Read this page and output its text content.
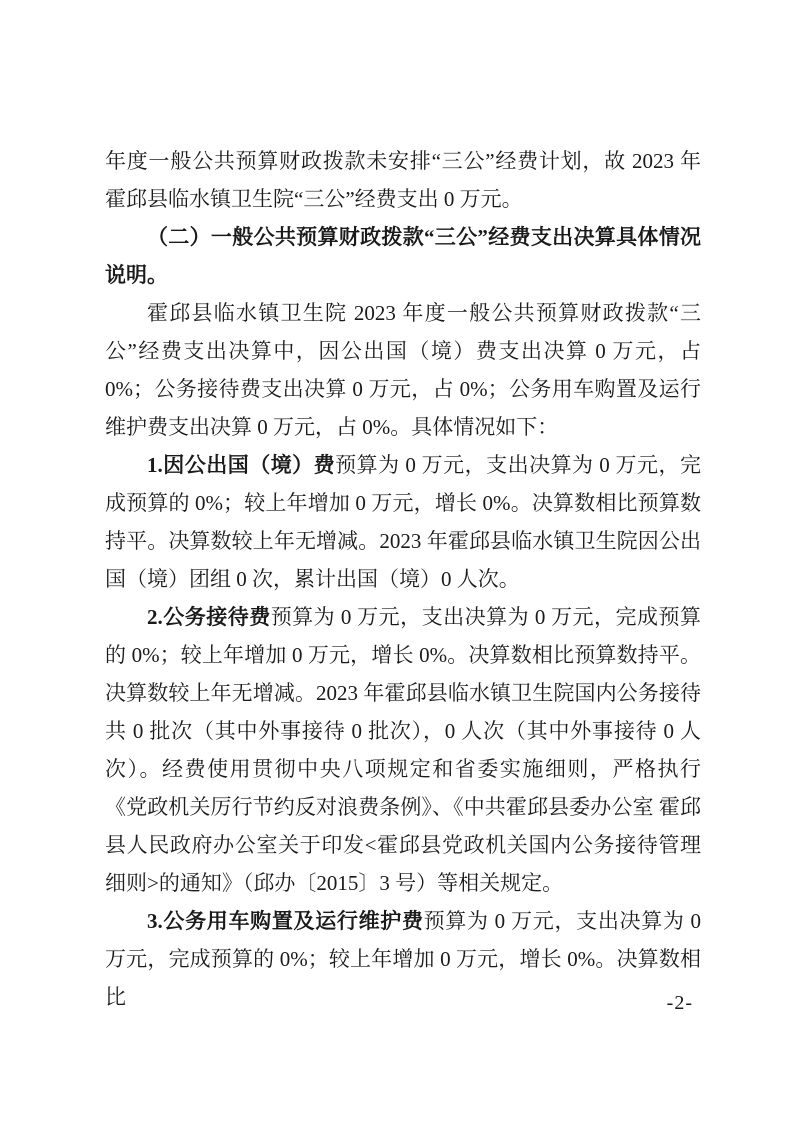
年度一般公共预算财政拨款未安排“三公”经费计划，故 2023 年霍邱县临水镇卫生院“三公”经费支出 0 万元。

（二）一般公共预算财政拨款“三公”经费支出决算具体情况说明。

霍邱县临水镇卫生院 2023 年度一般公共预算财政拨款“三公”经费支出决算中，因公出国（境）费支出决算 0 万元，占 0%；公务接待费支出决算 0 万元，占 0%；公务用车购置及运行维护费支出决算 0 万元，占 0%。具体情况如下：

1.因公出国（境）费预算为 0 万元，支出决算为 0 万元，完成预算的 0%；较上年增加 0 万元，增长 0%。决算数相比预算数持平。决算数较上年无增减。2023 年霍邱县临水镇卫生院因公出国（境）团组 0 次，累计出国（境）0 人次。

2.公务接待费预算为 0 万元，支出决算为 0 万元，完成预算的 0%；较上年增加 0 万元，增长 0%。决算数相比预算数持平。决算数较上年无增减。2023 年霍邱县临水镇卫生院国内公务接待共 0 批次（其中外事接待 0 批次），0 人次（其中外事接待 0 人次）。经费使用贯彻中央八项规定和省委实施细则，严格执行《党政机关厉行节约反对浪费条例》、《中共霍邱县委办公室 霍邱县人民政府办公室关于印发<霍邱县党政机关国内公务接待管理细则>的通知》（邱办〔2015〕3 号）等相关规定。

3.公务用车购置及运行维护费预算为 0 万元，支出决算为 0 万元，完成预算的 0%；较上年增加 0 万元，增长 0%。决算数相比	-2-
